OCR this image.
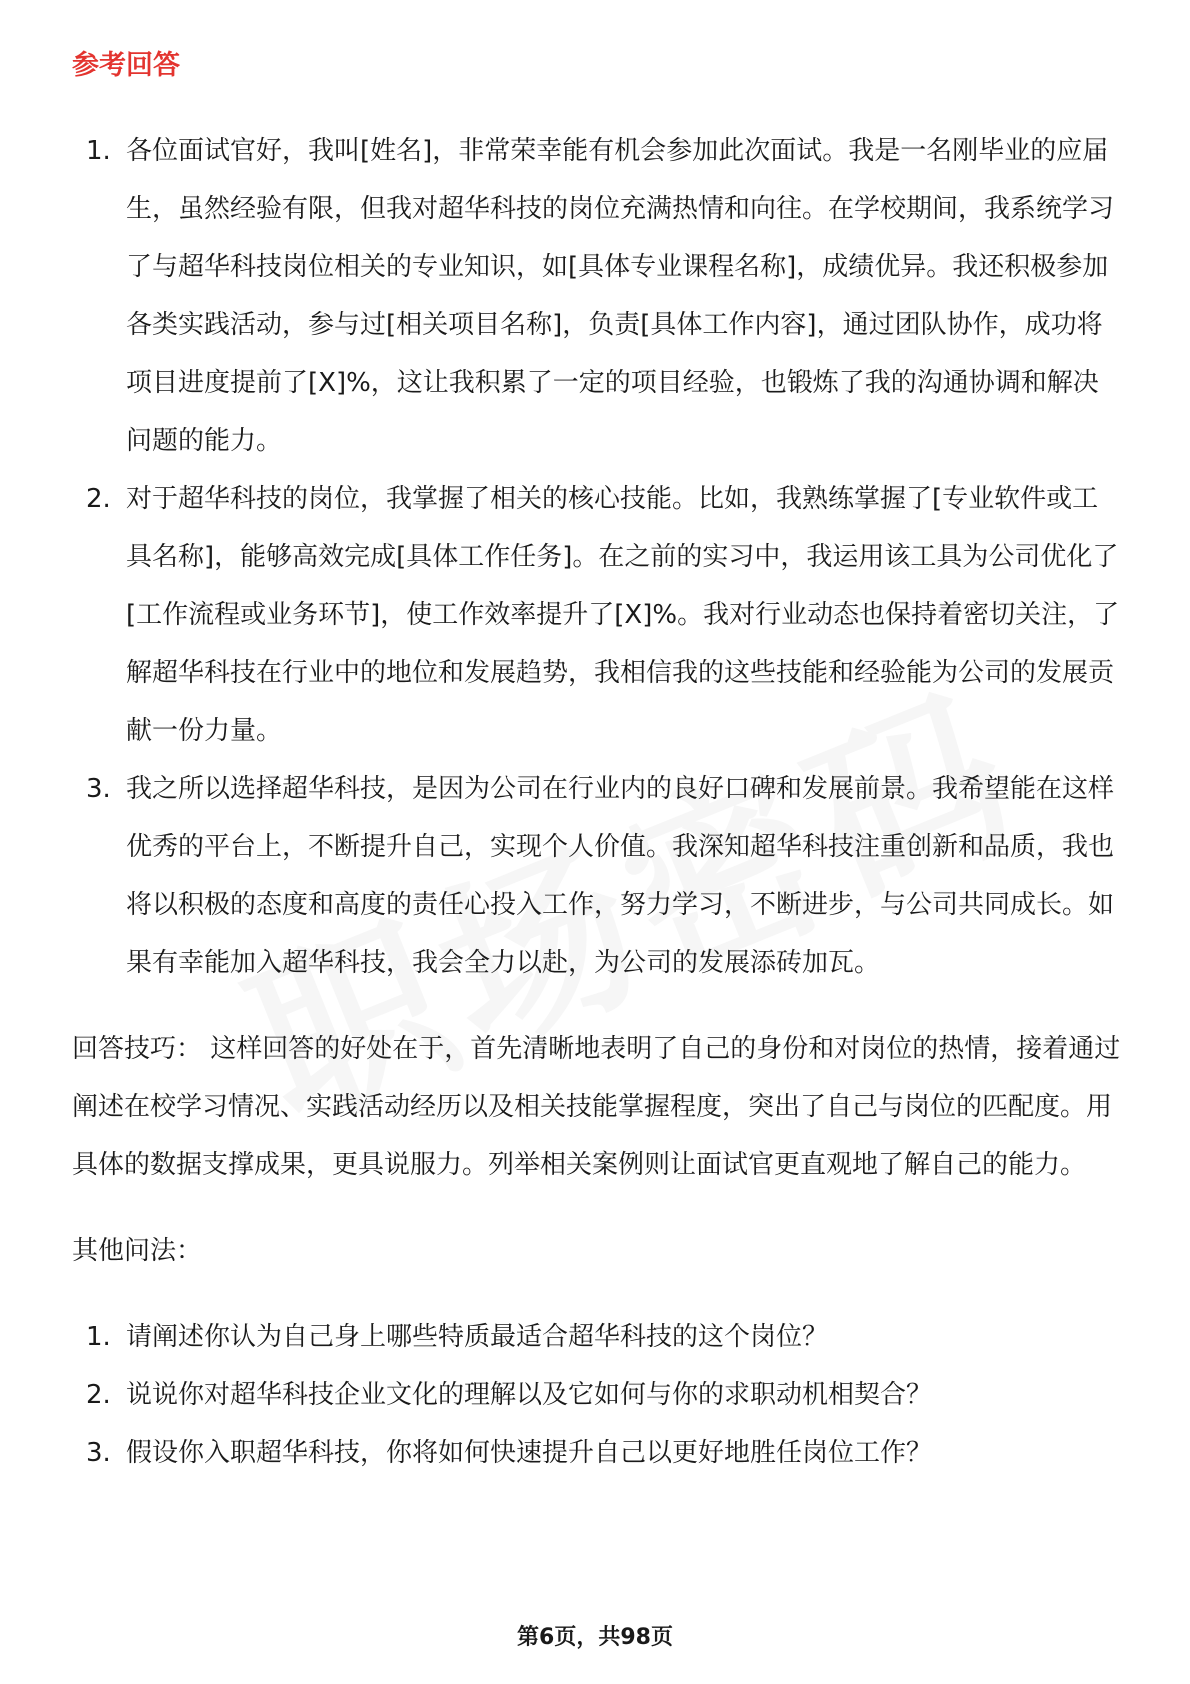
参考回答
1. 各位面试官好，我叫[姓名]，非常荣幸能有机会参加此次面试。我是一名刚毕业的应届生，虽然经验有限，但我对超华科技的岗位充满热情和向往。在学校期间，我系统学习了与超华科技岗位相关的专业知识，如[具体专业课程名称]，成绩优异。我还积极参加各类实践活动，参与过[相关项目名称]，负责[具体工作内容]，通过团队协作，成功将项目进度提前了[X]%，这让我积累了一定的项目经验，也锻炼了我的沟通协调和解决问题的能力。
2. 对于超华科技的岗位，我掌握了相关的核心技能。比如，我熟练掌握了[专业软件或工具名称]，能够高效完成[具体工作任务]。在之前的实习中，我运用该工具为公司优化了[工作流程或业务环节]，使工作效率提升了[X]%。我对行业动态也保持着密切关注，了解超华科技在行业中的地位和发展趋势，我相信我的这些技能和经验能为公司的发展贡献一份力量。
3. 我之所以选择超华科技，是因为公司在行业内的良好口碑和发展前景。我希望能在这样优秀的平台上，不断提升自己，实现个人价值。我深知超华科技注重创新和品质，我也将以积极的态度和高度的责任心投入工作，努力学习，不断进步，与公司共同成长。如果有幸能加入超华科技，我会全力以赴，为公司的发展添砖加瓦。
回答技巧： 这样回答的好处在于，首先清晰地表明了自己的身份和对岗位的热情，接着通过阐述在校学习情况、实践活动经历以及相关技能掌握程度，突出了自己与岗位的匹配度。用具体的数据支撑成果，更具说服力。列举相关案例则让面试官更直观地了解自己的能力。
其他问法：
1. 请阐述你认为自己身上哪些特质最适合超华科技的这个岗位？
2. 说说你对超华科技企业文化的理解以及它如何与你的求职动机相契合？
3. 假设你入职超华科技，你将如何快速提升自己以更好地胜任岗位工作？
第6页，共98页
